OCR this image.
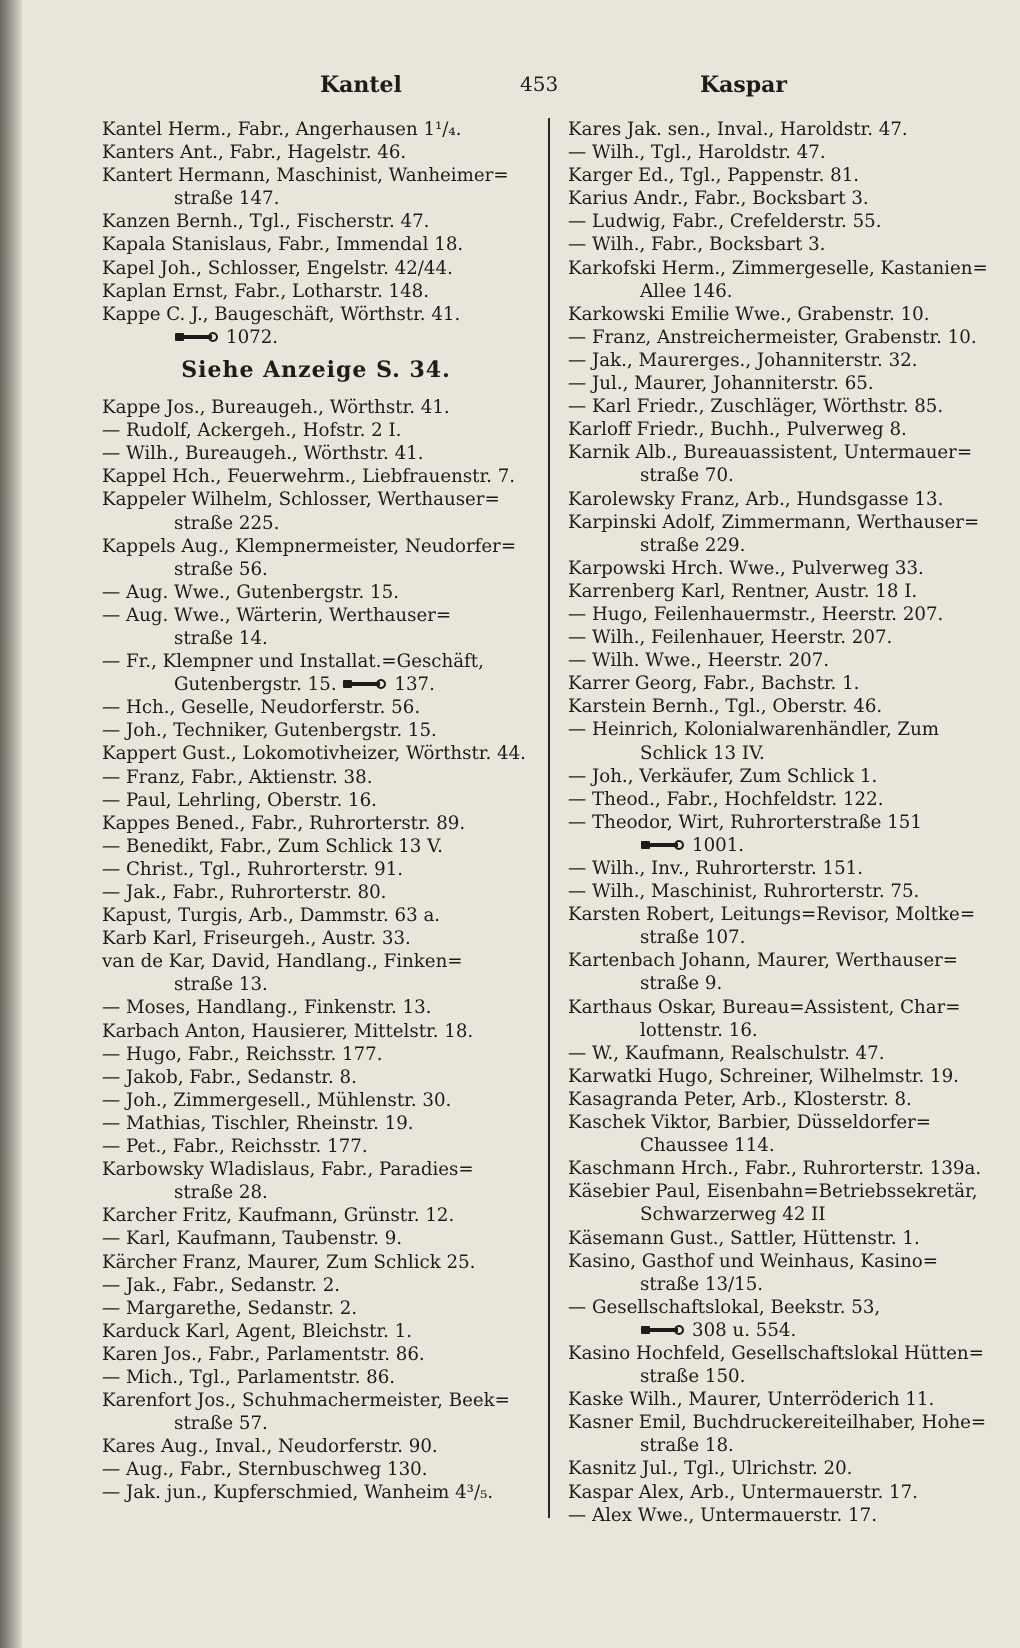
Kantel	453	Kaspar
Kantel Herm., Fabr., Angerhausen 1¹/₄.
Kanters Ant., Fabr., Hagelstr. 46.
Kantert Hermann, Maschinist, Wanheimer=
straße 147.
Kanzen Bernh., Tgl., Fischerstr. 47.
Kapala Stanislaus, Fabr., Immendal 18.
Kapel Joh., Schlosser, Engelstr. 42/44.
Kaplan Ernst, Fabr., Lotharstr. 148.
Kappe C. J., Baugeschäft, Wörthstr. 41.
1072.
Siehe Anzeige S. 34.
Kappe Jos., Bureaugeh., Wörthstr. 41.
— Rudolf, Ackergeh., Hofstr. 2 I.
— Wilh., Bureaugeh., Wörthstr. 41.
Kappel Hch., Feuerwehrm., Liebfrauenstr. 7.
Kappeler Wilhelm, Schlosser, Werthauser=
straße 225.
Kappels Aug., Klempnermeister, Neudorfer=
straße 56.
— Aug. Wwe., Gutenbergstr. 15.
— Aug. Wwe., Wärterin, Werthauser=
straße 14.
— Fr., Klempner und Installat.=Geschäft,
Gutenbergstr. 15.	137.
— Hch., Geselle, Neudorferstr. 56.
— Joh., Techniker, Gutenbergstr. 15.
Kappert Gust., Lokomotivheizer, Wörthstr. 44.
— Franz, Fabr., Aktienstr. 38.
— Paul, Lehrling, Oberstr. 16.
Kappes Bened., Fabr., Ruhrorterstr. 89.
— Benedikt, Fabr., Zum Schlick 13 V.
— Christ., Tgl., Ruhrorterstr. 91.
— Jak., Fabr., Ruhrorterstr. 80.
Kapust, Turgis, Arb., Dammstr. 63 a.
Karb Karl, Friseurgeh., Austr. 33.
van de Kar, David, Handlang., Finken=
straße 13.
— Moses, Handlang., Finkenstr. 13.
Karbach Anton, Hausierer, Mittelstr. 18.
— Hugo, Fabr., Reichsstr. 177.
— Jakob, Fabr., Sedanstr. 8.
— Joh., Zimmergesell., Mühlenstr. 30.
— Mathias, Tischler, Rheinstr. 19.
— Pet., Fabr., Reichsstr. 177.
Karbowsky Wladislaus, Fabr., Paradies=
straße 28.
Karcher Fritz, Kaufmann, Grünstr. 12.
— Karl, Kaufmann, Taubenstr. 9.
Kärcher Franz, Maurer, Zum Schlick 25.
— Jak., Fabr., Sedanstr. 2.
— Margarethe, Sedanstr. 2.
Karduck Karl, Agent, Bleichstr. 1.
Karen Jos., Fabr., Parlamentstr. 86.
— Mich., Tgl., Parlamentstr. 86.
Karenfort Jos., Schuhmachermeister, Beek=
straße 57.
Kares Aug., Inval., Neudorferstr. 90.
— Aug., Fabr., Sternbuschweg 130.
— Jak. jun., Kupferschmied, Wanheim 4³/₅.
Kares Jak. sen., Inval., Haroldstr. 47.
— Wilh., Tgl., Haroldstr. 47.
Karger Ed., Tgl., Pappenstr. 81.
Karius Andr., Fabr., Bocksbart 3.
— Ludwig, Fabr., Crefelderstr. 55.
— Wilh., Fabr., Bocksbart 3.
Karkofski Herm., Zimmergeselle, Kastanien=
Allee 146.
Karkowski Emilie Wwe., Grabenstr. 10.
— Franz, Anstreichermeister, Grabenstr. 10.
— Jak., Maurerges., Johanniterstr. 32.
— Jul., Maurer, Johanniterstr. 65.
— Karl Friedr., Zuschläger, Wörthstr. 85.
Karloff Friedr., Buchh., Pulverweg 8.
Karnik Alb., Bureauassistent, Untermauer=
straße 70.
Karolewsky Franz, Arb., Hundsgasse 13.
Karpinski Adolf, Zimmermann, Werthauser=
straße 229.
Karpowski Hrch. Wwe., Pulverweg 33.
Karrenberg Karl, Rentner, Austr. 18 I.
— Hugo, Feilenhauermstr., Heerstr. 207.
— Wilh., Feilenhauer, Heerstr. 207.
— Wilh. Wwe., Heerstr. 207.
Karrer Georg, Fabr., Bachstr. 1.
Karstein Bernh., Tgl., Oberstr. 46.
— Heinrich, Kolonialwarenhändler, Zum
Schlick 13 IV.
— Joh., Verkäufer, Zum Schlick 1.
— Theod., Fabr., Hochfeldstr. 122.
— Theodor, Wirt, Ruhrorterstraße 151
1001.
— Wilh., Inv., Ruhrorterstr. 151.
— Wilh., Maschinist, Ruhrorterstr. 75.
Karsten Robert, Leitungs=Revisor, Moltke=
straße 107.
Kartenbach Johann, Maurer, Werthauser=
straße 9.
Karthaus Oskar, Bureau=Assistent, Char=
lottenstr. 16.
— W., Kaufmann, Realschulstr. 47.
Karwatki Hugo, Schreiner, Wilhelmstr. 19.
Kasagranda Peter, Arb., Klosterstr. 8.
Kaschek Viktor, Barbier, Düsseldorfer=
Chaussee 114.
Kaschmann Hrch., Fabr., Ruhrorterstr. 139a.
Käsebier Paul, Eisenbahn=Betriebssekretär,
Schwarzerweg 42 II
Käsemann Gust., Sattler, Hüttenstr. 1.
Kasino, Gasthof und Weinhaus, Kasino=
straße 13/15.
— Gesellschaftslokal, Beekstr. 53,
308 u. 554.
Kasino Hochfeld, Gesellschaftslokal Hütten=
straße 150.
Kaske Wilh., Maurer, Unterröderich 11.
Kasner Emil, Buchdruckereiteilhaber, Hohe=
straße 18.
Kasnitz Jul., Tgl., Ulrichstr. 20.
Kaspar Alex, Arb., Untermauerstr. 17.
— Alex Wwe., Untermauerstr. 17.
